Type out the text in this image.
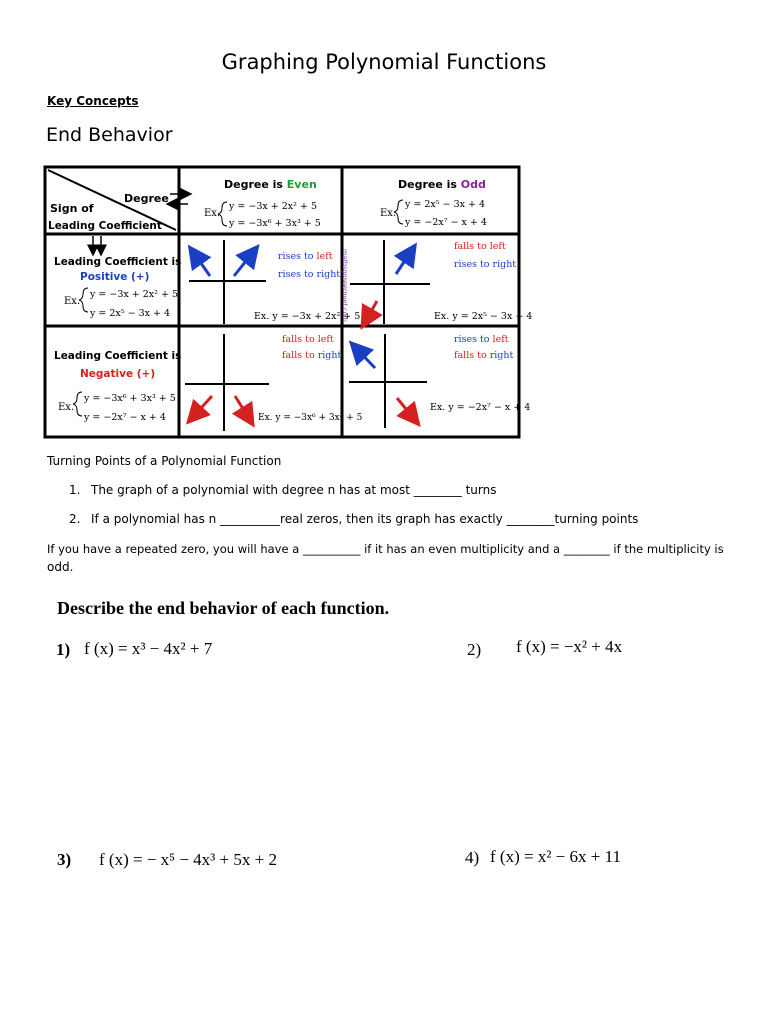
Graphing Polynomial Functions
Key Concepts
End Behavior
Degree
Sign of
Leading Coefficient
Degree is Even
Ex.
y = −3x + 2x² + 5
y = −3x⁶ + 3x³ + 5
Degree is Odd
Ex.
y = 2x⁵ − 3x + 4
y = −2x⁷ − x + 4
Leading Coefficient is
Positive (+)
Ex.
y = −3x + 2x² + 5
y = 2x⁵ − 3x + 4
Leading Coefficient is
Negative (+)
Ex.
y = −3x⁶ + 3x³ + 5
y = −2x⁷ − x + 4
rises to left
rises to right
Ex. y = −3x + 2x² + 5
mathsgoseernvet.com
falls to left
rises to right
Ex. y = 2x⁵ − 3x + 4
falls to left
falls to right
Ex. y = −3x⁶ + 3x³ + 5
rises to left
falls to right
Ex. y = −2x⁷ − x + 4
Turning Points of a Polynomial Function
1. The graph of a polynomial with degree n has at most ________ turns
2. If a polynomial has n __________real zeros, then its graph has exactly ________turning points
If you have a repeated zero, you will have a __________ if it has an even multiplicity and a ________ if the multiplicity is
odd.
Describe the end behavior of each function.
1) f (x) = x³ − 4x² + 7	2) f (x) = −x² + 4x
3) f (x) = − x⁵ − 4x³ + 5x + 2	4) f (x) = x² − 6x + 11
